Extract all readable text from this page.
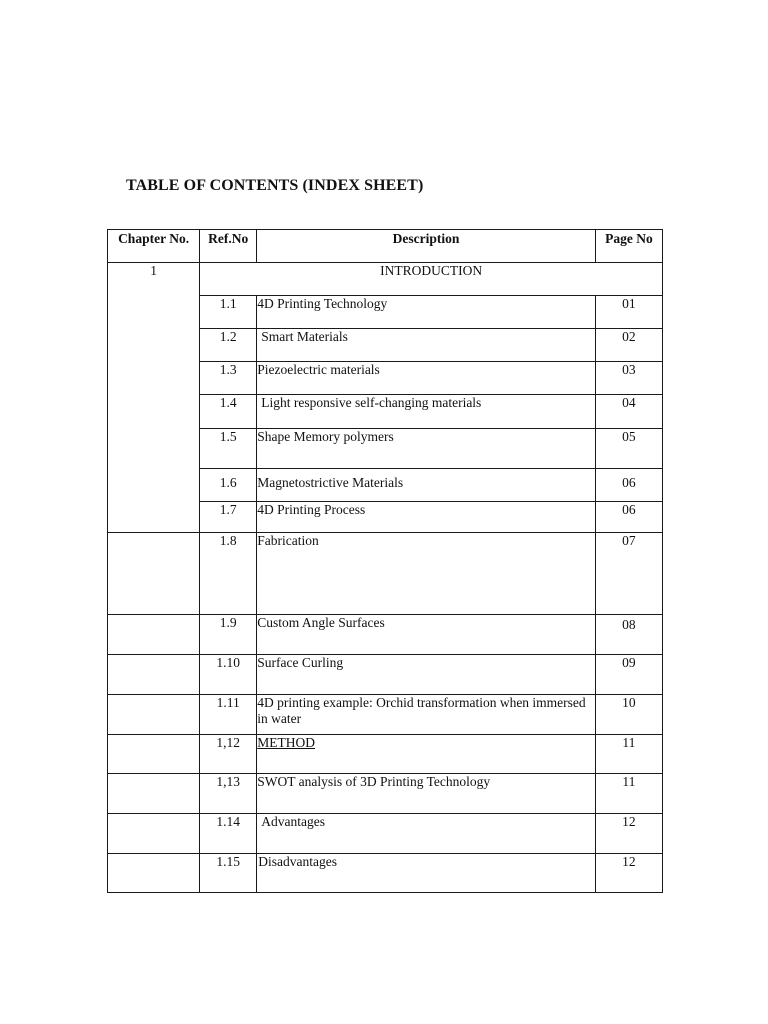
TABLE OF CONTENTS (INDEX SHEET)
Chapter No.	Ref.No	Description	Page No
1	INTRODUCTION		
	1.1	4D Printing Technology	01
	1.2	Smart Materials	02
	1.3	Piezoelectric materials	03
	1.4	Light responsive self-changing materials	04
	1.5	Shape Memory polymers	05
	1.6	Magnetostrictive Materials	06
	1.7	4D Printing Process	06
	1.8	Fabrication	07
	1.9	Custom Angle Surfaces	08
	1.10	Surface Curling	09
	1.11	4D printing example: Orchid transformation when immersed in water	10
	1,12	METHOD	11
	1,13	SWOT analysis of 3D Printing Technology	11
	1.14	Advantages	12
	1.15	Disadvantages	12
